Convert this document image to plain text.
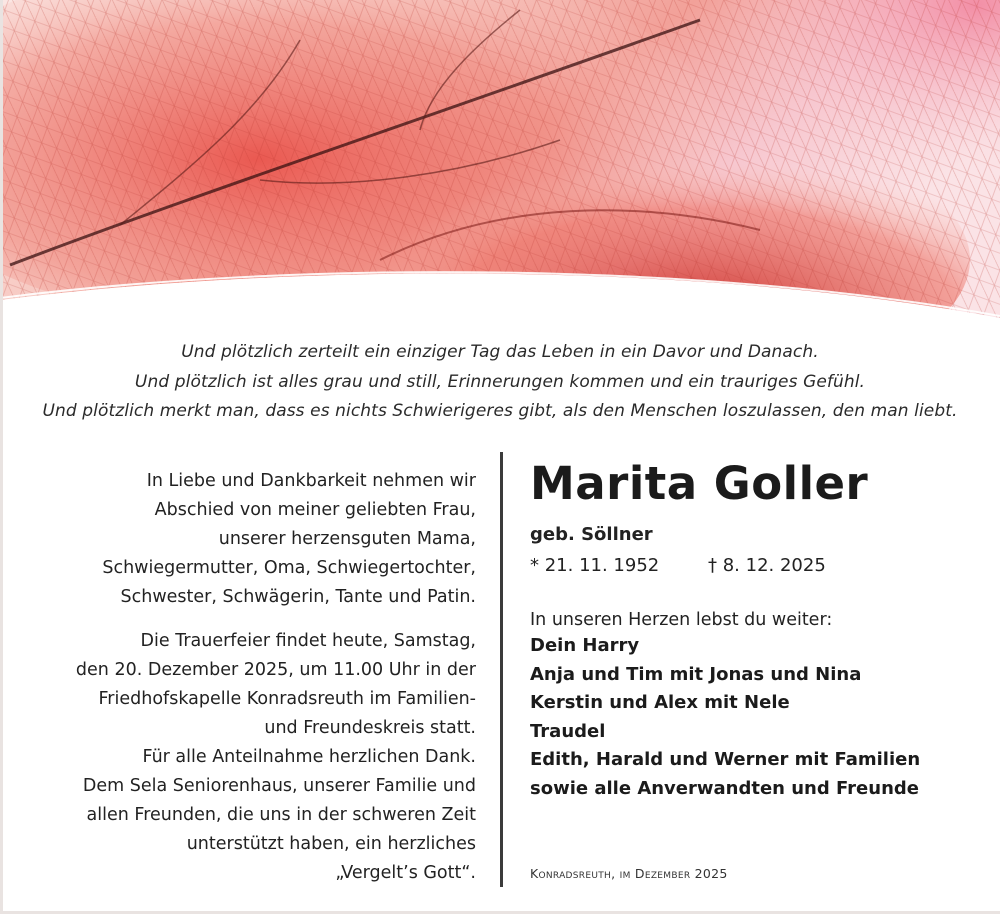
Und plötzlich zerteilt ein einziger Tag das Leben in ein Davor und Danach.
Und plötzlich ist alles grau und still, Erinnerungen kommen und ein trauriges Gefühl.
Und plötzlich merkt man, dass es nichts Schwierigeres gibt, als den Menschen loszulassen, den man liebt.

In Liebe und Dankbarkeit nehmen wir

Abschied von meiner geliebten Frau,

unserer herzensguten Mama,

Schwiegermutter, Oma, Schwiegertochter,

Schwester, Schwägerin, Tante und Patin.

Die Trauerfeier findet heute, Samstag,

den 20. Dezember 2025, um 11.00 Uhr in der

Friedhofskapelle Konradsreuth im Familien-

und Freundeskreis statt.

Für alle Anteilnahme herzlichen Dank.

Dem Sela Seniorenhaus, unserer Familie und

allen Freunden, die uns in der schweren Zeit

unterstützt haben, ein herzliches

„Vergelt’s Gott“.

Marita Goller
geb. Söllner
* 21. 11. 1952	† 8. 12. 2025
In unseren Herzen lebst du weiter:
Dein Harry
Anja und Tim mit Jonas und Nina
Kerstin und Alex mit Nele
Traudel
Edith, Harald und Werner mit Familien
sowie alle Anverwandten und Freunde
Konradsreuth, im Dezember 2025
